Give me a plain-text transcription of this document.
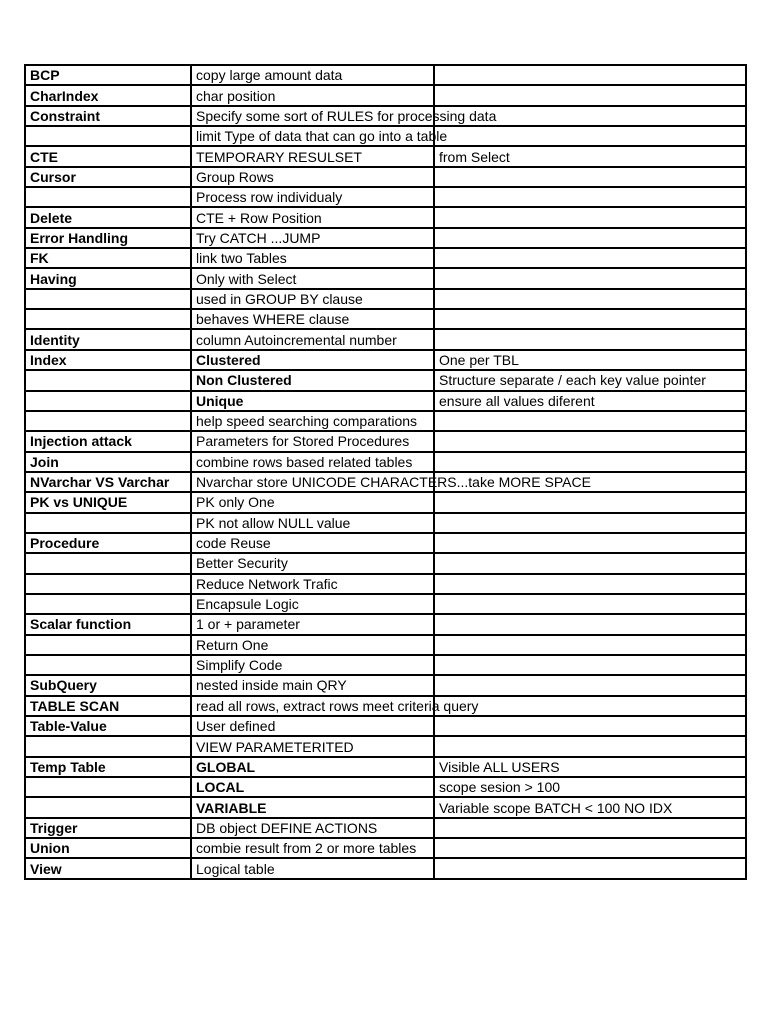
BCP	copy large amount data	
CharIndex	char position	
Constraint	Specify some sort of RULES for processing data	
	limit Type of data that can go into a table	
CTE	TEMPORARY RESULSET	from Select
Cursor	Group Rows	
	Process row individualy	
Delete	CTE + Row Position	
Error Handling	Try CATCH ...JUMP	
FK	link two Tables	
Having	Only with Select	
	used in GROUP BY clause	
	behaves WHERE clause	
Identity	column Autoincremental number	
Index	Clustered	One per TBL
	Non Clustered	Structure separate / each key value pointer
	Unique	ensure all values diferent
	help speed searching comparations	
Injection attack	Parameters for Stored Procedures	
Join	combine rows based related tables	
NVarchar VS Varchar	Nvarchar store UNICODE CHARACTERS...take MORE SPACE	
PK vs UNIQUE	PK only One	
	PK not allow NULL value	
Procedure	code Reuse	
	Better Security	
	Reduce Network Trafic	
	Encapsule Logic	
Scalar function	1 or + parameter	
	Return One	
	Simplify Code	
SubQuery	nested inside main QRY	
TABLE SCAN	read all rows, extract rows meet criteria query	
Table-Value	User defined	
	VIEW PARAMETERITED	
Temp Table	GLOBAL	Visible ALL USERS
	LOCAL	scope sesion > 100
	VARIABLE	Variable scope BATCH < 100 NO IDX
Trigger	DB object DEFINE ACTIONS	
Union	combie result from 2 or more tables	
View	Logical table	
